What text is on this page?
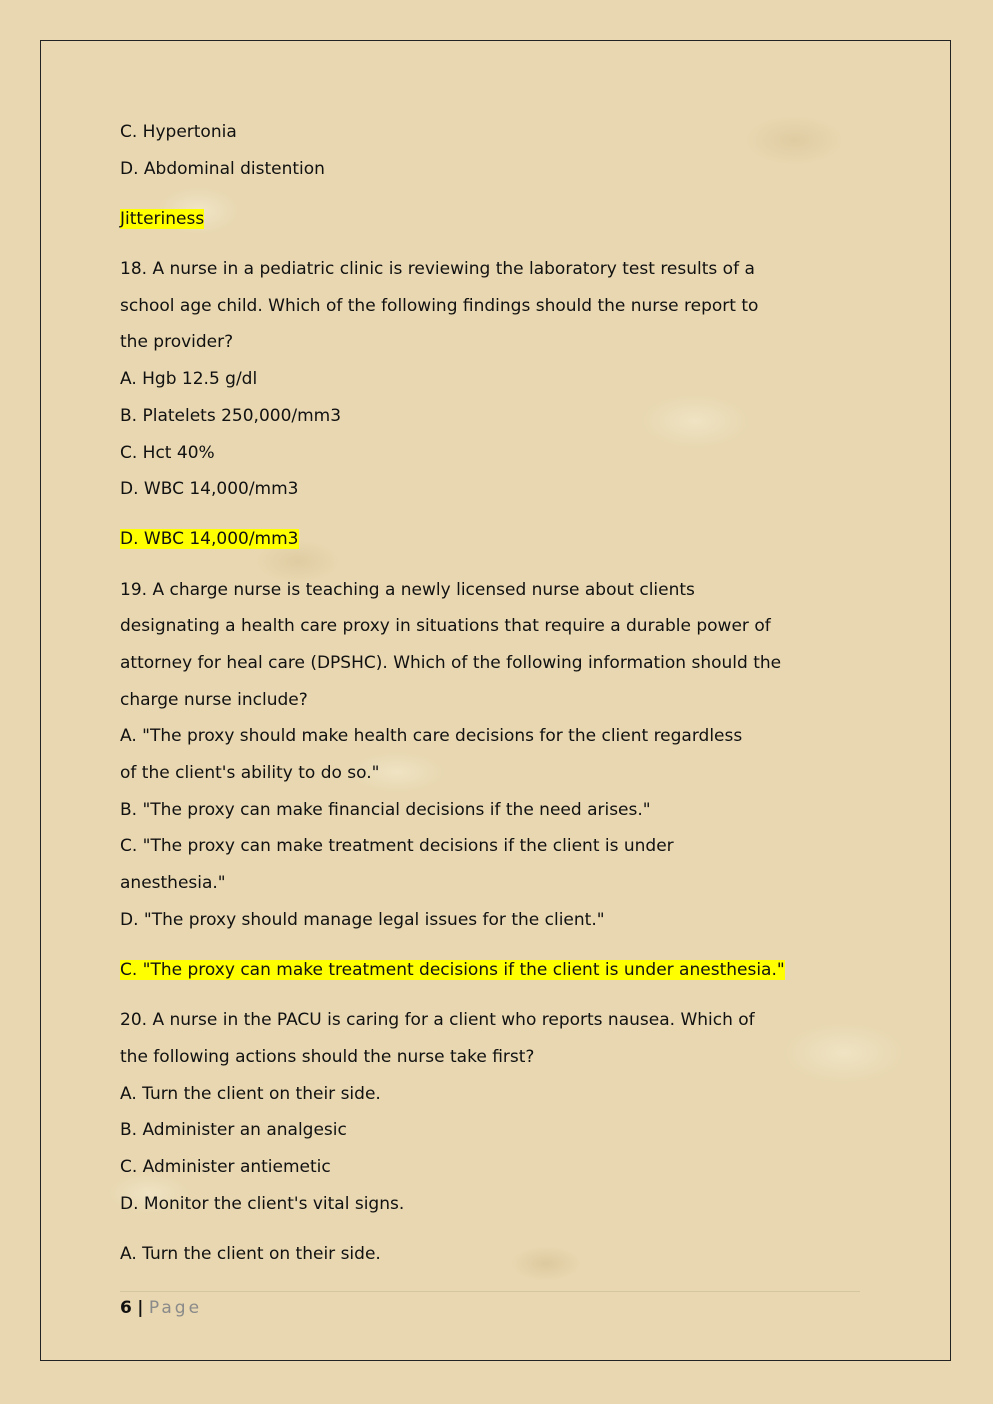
C. Hypertonia
D. Abdominal distention
Jitteriness
18. A nurse in a pediatric clinic is reviewing the laboratory test results of a
school age child. Which of the following findings should the nurse report to
the provider?
A. Hgb 12.5 g/dl
B. Platelets 250,000/mm3
C. Hct 40%
D. WBC 14,000/mm3
D. WBC 14,000/mm3
19. A charge nurse is teaching a newly licensed nurse about clients
designating a health care proxy in situations that require a durable power of
attorney for heal care (DPSHC). Which of the following information should the
charge nurse include?
A. "The proxy should make health care decisions for the client regardless
of the client's ability to do so."
B. "The proxy can make financial decisions if the need arises."
C. "The proxy can make treatment decisions if the client is under
anesthesia."
D. "The proxy should manage legal issues for the client."
C. "The proxy can make treatment decisions if the client is under anesthesia."
20. A nurse in the PACU is caring for a client who reports nausea. Which of
the following actions should the nurse take first?
A. Turn the client on their side.
B. Administer an analgesic
C. Administer antiemetic
D. Monitor the client's vital signs.
A. Turn the client on their side.
6 | Page
